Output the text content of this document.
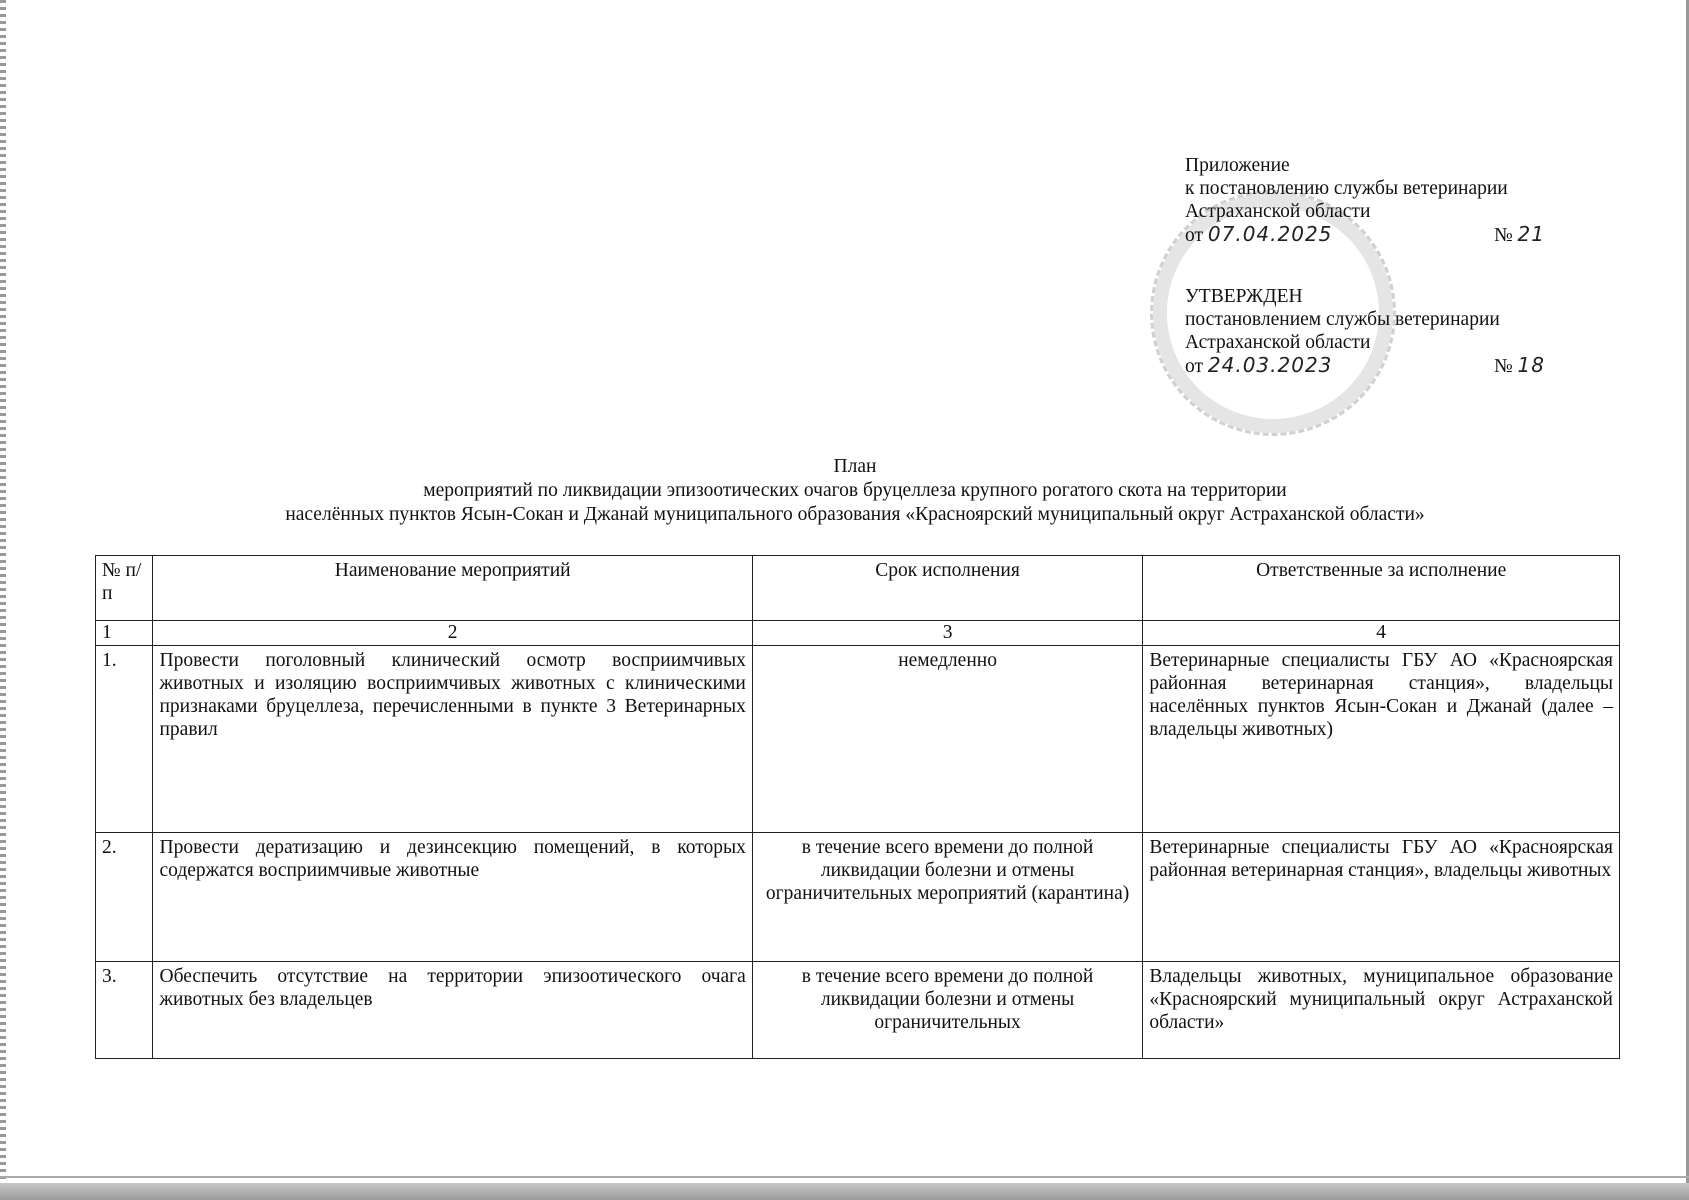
Приложение
к постановлению службы ветеринарии
Астраханской области
от
07.04.2025	№ 21
УТВЕРЖДЕН
постановлением службы ветеринарии
Астраханской области
от
24.03.2023	№ 18
План
мероприятий по ликвидации эпизоотических очагов бруцеллеза крупного рогатого скота на территории
населённых пунктов Ясын-Сокан и Джанай муниципального образования «Красноярский муниципальный округ Астраханской области»
№ п/п	Наименование мероприятий	Срок исполнения	Ответственные за исполнение
1	2	3	4
1.	Провести поголовный клинический осмотр восприимчивых животных и изоляцию восприимчивых животных с клиническими признаками бруцеллеза, перечисленными в пункте 3 Ветеринарных правил	немедленно	Ветеринарные специалисты ГБУ АО «Красноярская районная ветеринарная станция», владельцы населённых пунктов Ясын-Сокан и Джанай (далее – владельцы животных)
2.	Провести дератизацию и дезинсекцию помещений, в которых содержатся восприимчивые животные	в течение всего времени до полной ликвидации болезни и отмены ограничительных мероприятий (карантина)	Ветеринарные специалисты ГБУ АО «Красноярская районная ветеринарная станция», владельцы животных
3.	Обеспечить отсутствие на территории эпизоотического очага животных без владельцев	в течение всего времени до полной ликвидации болезни и отмены ограничительных	Владельцы животных, муниципальное образование «Красноярский муниципальный округ Астраханской области»
